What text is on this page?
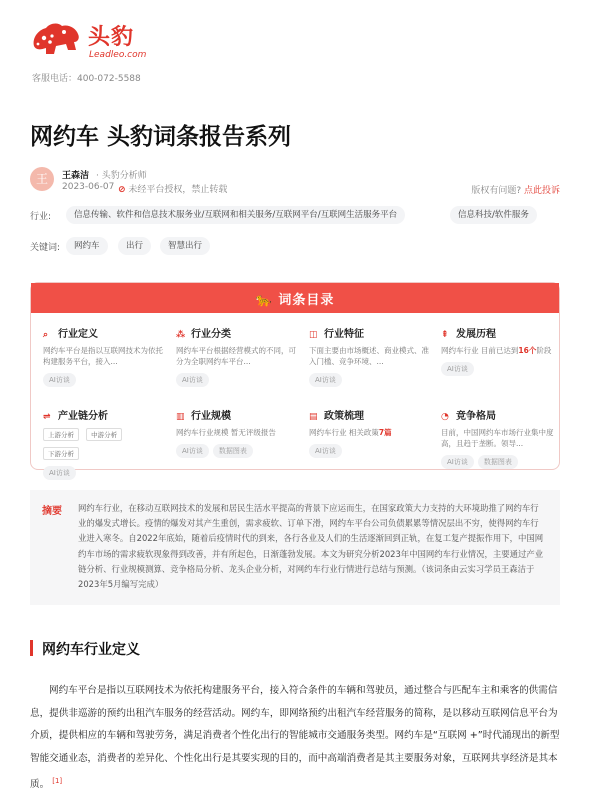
头豹
Leadleo.com
客服电话：400-072-5588
网约车 头豹词条报告系列
王	王森洁 · 头豹分析师
2023-06-07 ⊘ 未经平台授权，禁止转载	版权有问题? 点此投诉
行业:	信息传输、软件和信息技术服务业/互联网和相关服务/互联网平台/互联网生活服务平台	信息科技/软件服务
关键词:	网约车	出行	智慧出行
🐆 词条目录
⌕ 行业定义
网约车平台是指以互联网技术为依托构建服务平台，接入...
AI访谈
⁂ 行业分类
网约车平台根据经营模式的不同，可分为全职网约车平台...
AI访谈
◫ 行业特征
下面主要由市场概述、商业模式、准入门槛、竞争环境、...
AI访谈
⇞ 发展历程
网约车行业 目前已达到16个阶段
AI访谈
⇌ 产业链分析
上游分析	中游分析 下游分析
AI访谈
▥ 行业规模
网约车行业规模 暂无评级报告
AI访谈 数据图表
▤ 政策梳理
网约车行业 相关政策7篇
AI访谈
◔ 竞争格局
目前，中国网约车市场行业集中度高，且趋于垄断。领导...
AI访谈 数据图表
摘要 网约车行业，在移动互联网技术的发展和居民生活水平提高的背景下应运而生，在国家政策大力支持的大环境助推了网约车行业的爆发式增长。疫情的爆发对其产生重创，需求疲软、订单下滑，网约车平台公司负债累累等情况层出不穷，使得网约车行业进入寒冬。自2022年底始，随着后疫情时代的到来，各行各业及人们的生活逐渐回到正轨，在复工复产提振作用下，中国网约车市场的需求疲软现象得到改善，并有所起色，日渐蓬勃发展。本文为研究分析2023年中国网约车行业情况，主要通过产业链分析、行业规模测算、竞争格局分析、龙头企业分析，对网约车行业行情进行总结与预测。（该词条由云实习学员王森洁于2023年5月编写完成）
网约车行业定义
网约车平台是指以互联网技术为依托构建服务平台，接入符合条件的车辆和驾驶员，通过整合与匹配车主和乘客的供需信息，提供非巡游的预约出租汽车服务的经营活动。网约车，即网络预约出租汽车经营服务的简称，是以移动互联网信息平台为介质，提供相应的车辆和驾驶劳务，满足消费者个性化出行的智能城市交通服务类型。网约车是“互联网 +”时代涌现出的新型智能交通业态，消费者的差异化、个性化出行是其要实现的目的，而中高端消费者是其主要服务对象，互联网共享经济是其本质。 [1]
